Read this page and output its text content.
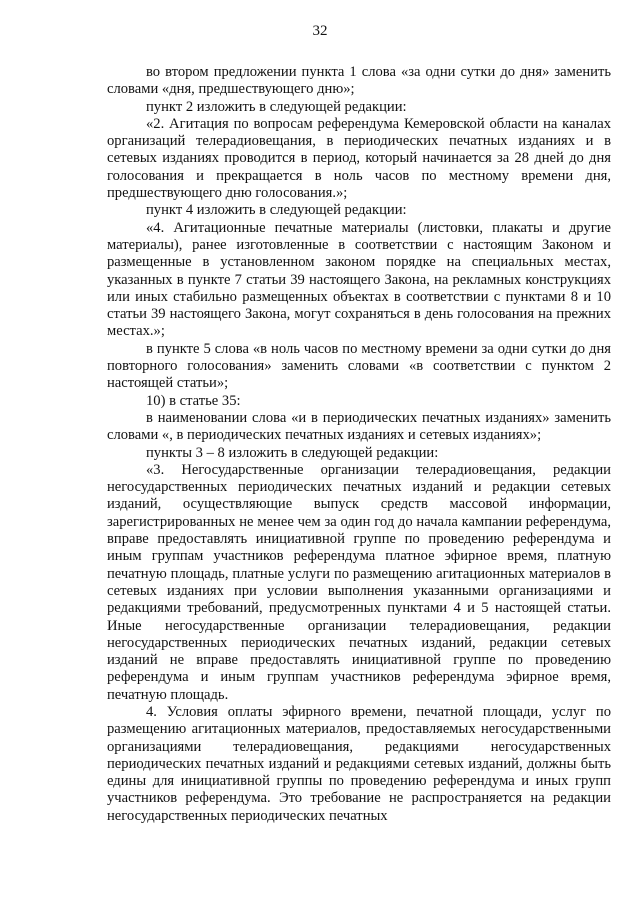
32

во втором предложении пункта 1 слова «за одни сутки до дня» заменить словами «дня, предшествующего дню»;

пункт 2 изложить в следующей редакции:

«2. Агитация по вопросам референдума Кемеровской области на каналах организаций телерадиовещания, в периодических печатных изданиях и в сетевых изданиях проводится в период, который начинается за 28 дней до дня голосования и прекращается в ноль часов по местному времени дня, предшествующего дню голосования.»;

пункт 4 изложить в следующей редакции:

«4. Агитационные печатные материалы (листовки, плакаты и другие материалы), ранее изготовленные в соответствии с настоящим Законом и размещенные в установленном законом порядке на специальных местах, указанных в пункте 7 статьи 39 настоящего Закона, на рекламных конструкциях или иных стабильно размещенных объектах в соответствии с пунктами 8 и 10 статьи 39 настоящего Закона, могут сохраняться в день голосования на прежних местах.»;

в пункте 5 слова «в ноль часов по местному времени за одни сутки до дня повторного голосования» заменить словами «в соответствии с пунктом 2 настоящей статьи»;

10) в статье 35:

в наименовании слова «и в периодических печатных изданиях» заменить словами «, в периодических печатных изданиях и сетевых изданиях»;

пункты 3 – 8 изложить в следующей редакции:

«3. Негосударственные организации телерадиовещания, редакции негосударственных периодических печатных изданий и редакции сетевых изданий, осуществляющие выпуск средств массовой информации, зарегистрированных не менее чем за один год до начала кампании референдума, вправе предоставлять инициативной группе по проведению референдума и иным группам участников референдума платное эфирное время, платную печатную площадь, платные услуги по размещению агитационных материалов в сетевых изданиях при условии выполнения указанными организациями и редакциями требований, предусмотренных пунктами 4 и 5 настоящей статьи. Иные негосударственные организации телерадиовещания, редакции негосударственных периодических печатных изданий, редакции сетевых изданий не вправе предоставлять инициативной группе по проведению референдума и иным группам участников референдума эфирное время, печатную площадь.

4. Условия оплаты эфирного времени, печатной площади, услуг по размещению агитационных материалов, предоставляемых негосударственными организациями телерадиовещания, редакциями негосударственных периодических печатных изданий и редакциями сетевых изданий, должны быть едины для инициативной группы по проведению референдума и иных групп участников референдума. Это требование не распространяется на редакции негосударственных периодических печатных
